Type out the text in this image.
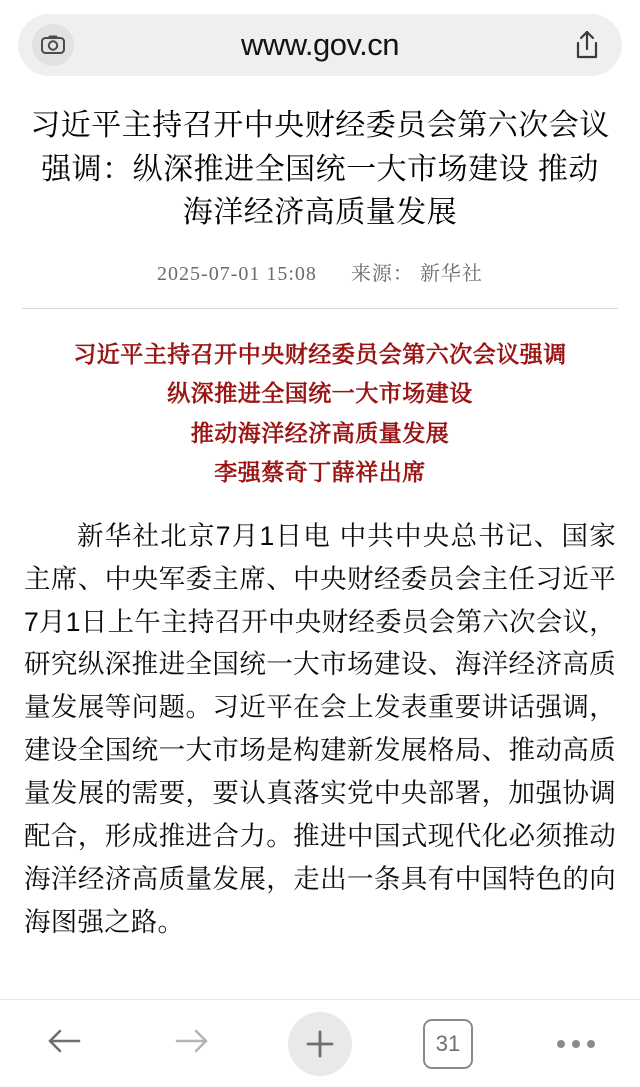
www.gov.cn
习近平主持召开中央财经委员会第六次会议强调：纵深推进全国统一大市场建设 推动海洋经济高质量发展
2025-07-01 15:08 来源： 新华社
习近平主持召开中央财经委员会第六次会议强调
纵深推进全国统一大市场建设
推动海洋经济高质量发展
李强蔡奇丁薛祥出席

新华社北京7月1日电 中共中央总书记、国家主席、中央军委主席、中央财经委员会主任习近平7月1日上午主持召开中央财经委员会第六次会议，研究纵深推进全国统一大市场建设、海洋经济高质量发展等问题。习近平在会上发表重要讲话强调，建设全国统一大市场是构建新发展格局、推动高质量发展的需要，要认真落实党中央部署，加强协调配合，形成推进合力。推进中国式现代化必须推动海洋经济高质量发展，走出一条具有中国特色的向海图强之路。

31
